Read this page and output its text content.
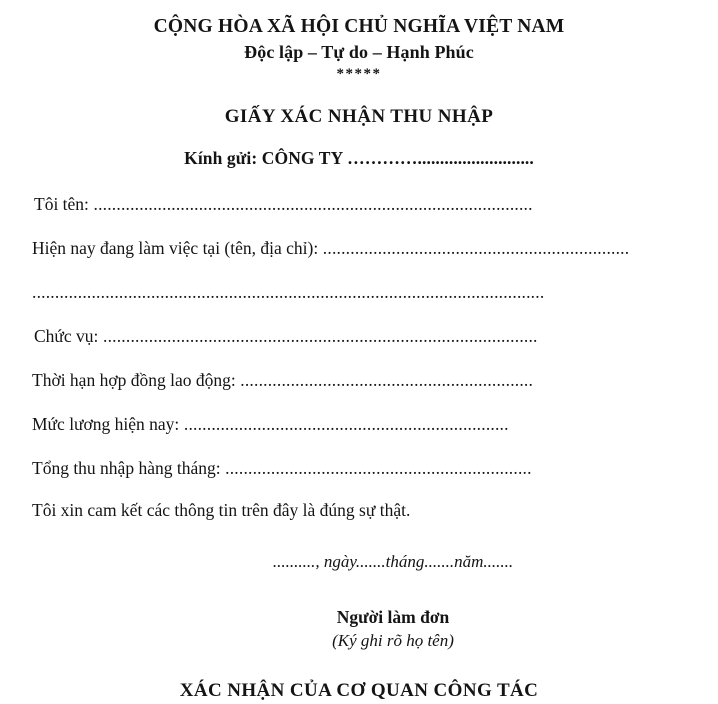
CỘNG HÒA XÃ HỘI CHỦ NGHĨA VIỆT NAM
Độc lập – Tự do – Hạnh Phúc
*****
GIẤY XÁC NHẬN THU NHẬP
Kính gửi: CÔNG TY …………..........................
Tôi tên: ................................................................................................
Hiện nay đang làm việc tại (tên, địa chỉ): ...................................................................
................................................................................................................
Chức vụ: ...............................................................................................
Thời hạn hợp đồng lao động: ................................................................
Mức lương hiện nay: .......................................................................
Tổng thu nhập hàng tháng: ...................................................................
Tôi xin cam kết các thông tin trên đây là đúng sự thật.
.........., ngày.......tháng.......năm.......
Người làm đơn
(Ký ghi rõ họ tên)
XÁC NHẬN CỦA CƠ QUAN CÔNG TÁC
